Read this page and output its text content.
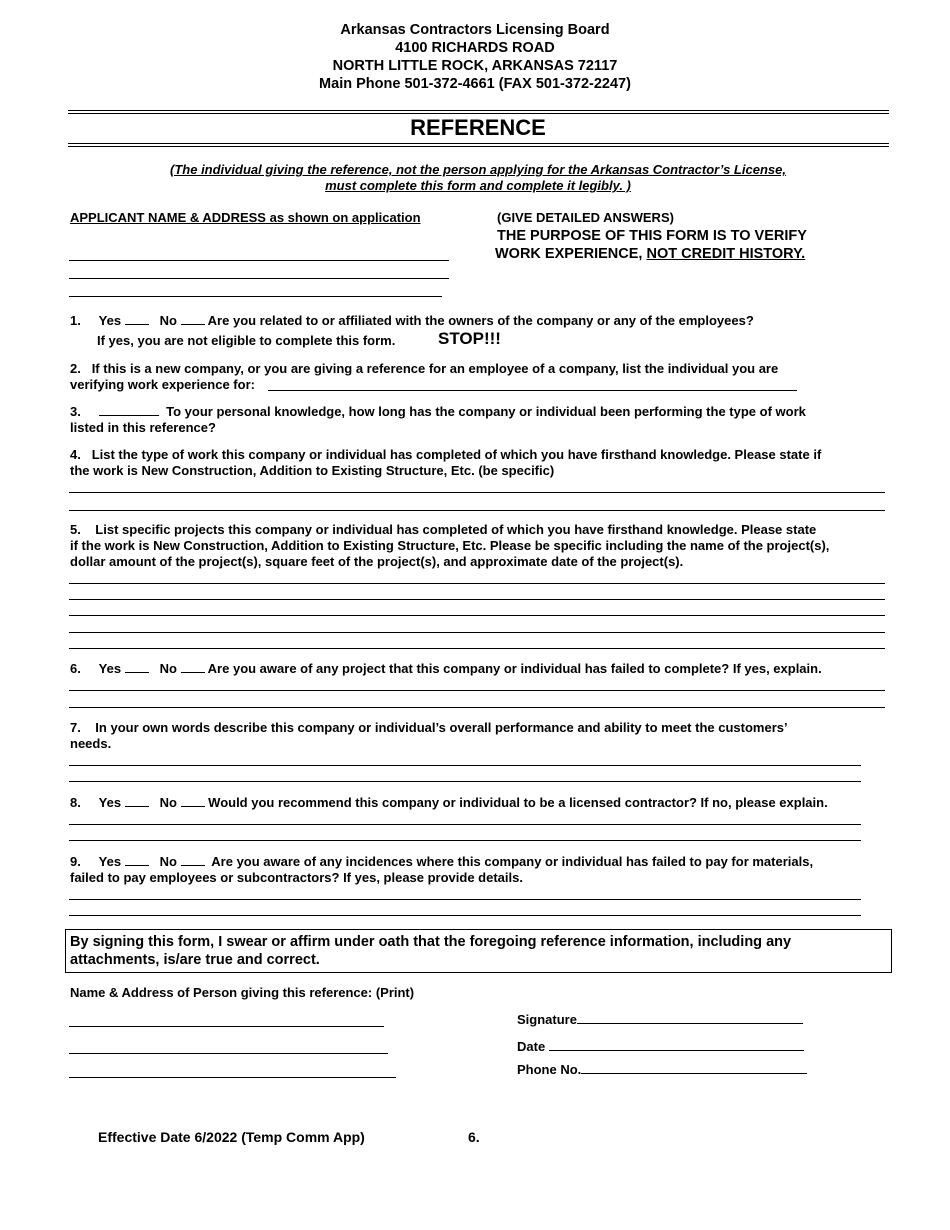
Arkansas Contractors Licensing Board
4100 RICHARDS ROAD
NORTH LITTLE ROCK, ARKANSAS 72117
Main Phone 501-372-4661 (FAX 501-372-2247)
REFERENCE
(The individual giving the reference, not the person applying for the Arkansas Contractor’s License,
must complete this form and complete it legibly. )
APPLICANT NAME & ADDRESS as shown on application	(GIVE DETAILED ANSWERS)
THE PURPOSE OF THIS FORM IS TO VERIFY
WORK EXPERIENCE, NOT CREDIT HISTORY.
1. Yes	No Are you related to or affiliated with the owners of the company or any of the employees?
If yes, you are not eligible to complete this form.	STOP!!!
2. If this is a new company, or you are giving a reference for an employee of a company, list the individual you are
verifying work experience for:
3.	To your personal knowledge, how long has the company or individual been performing the type of work
listed in this reference?
4. List the type of work this company or individual has completed of which you have firsthand knowledge. Please state if
the work is New Construction, Addition to Existing Structure, Etc. (be specific)
5. List specific projects this company or individual has completed of which you have firsthand knowledge. Please state
if the work is New Construction, Addition to Existing Structure, Etc. Please be specific including the name of the project(s),
dollar amount of the project(s), square feet of the project(s), and approximate date of the project(s).
6. Yes	No Are you aware of any project that this company or individual has failed to complete? If yes, explain.
7. In your own words describe this company or individual’s overall performance and ability to meet the customers’
needs.
8. Yes	No Would you recommend this company or individual to be a licensed contractor? If no, please explain.
9. Yes	No	Are you aware of any incidences where this company or individual has failed to pay for materials,
failed to pay employees or subcontractors? If yes, please provide details.
By signing this form, I swear or affirm under oath that the foregoing reference information, including any
attachments, is/are true and correct.
Name & Address of Person giving this reference: (Print)
Signature
Date
Phone No.
Effective Date 6/2022 (Temp Comm App)	6.
